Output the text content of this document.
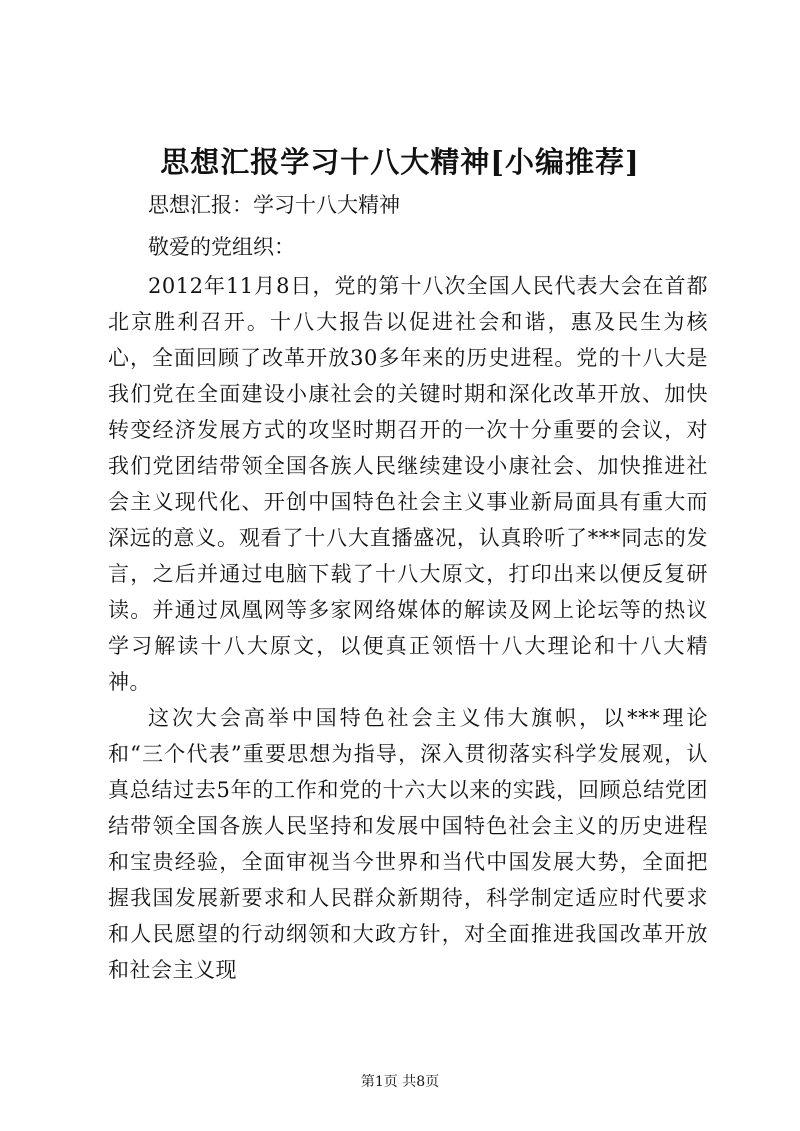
思想汇报学习十八大精神[小编推荐]
思想汇报：学习十八大精神
敬爱的党组织：

2012年11月8日，党的第十八次全国人民代表大会在首都北京胜利召开。十八大报告以促进社会和谐，惠及民生为核心，全面回顾了改革开放30多年来的历史进程。党的十八大是我们党在全面建设小康社会的关键时期和深化改革开放、加快转变经济发展方式的攻坚时期召开的一次十分重要的会议，对我们党团结带领全国各族人民继续建设小康社会、加快推进社会主义现代化、开创中国特色社会主义事业新局面具有重大而深远的意义。观看了十八大直播盛况，认真聆听了***同志的发言，之后并通过电脑下载了十八大原文，打印出来以便反复研读。并通过凤凰网等多家网络媒体的解读及网上论坛等的热议学习解读十八大原文，以便真正领悟十八大理论和十八大精神。

这次大会高举中国特色社会主义伟大旗帜，以***理论和“三个代表”重要思想为指导，深入贯彻落实科学发展观，认真总结过去5年的工作和党的十六大以来的实践，回顾总结党团结带领全国各族人民坚持和发展中国特色社会主义的历史进程和宝贵经验，全面审视当今世界和当代中国发展大势，全面把握我国发展新要求和人民群众新期待，科学制定适应时代要求和人民愿望的行动纲领和大政方针，对全面推进我国改革开放和社会主义现

第1页 共8页
